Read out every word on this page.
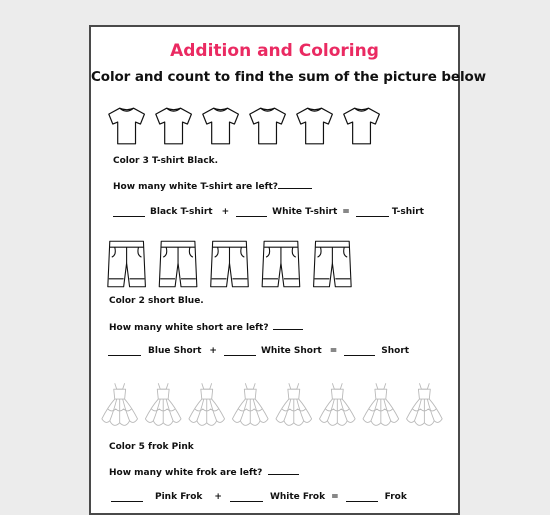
Addition and Coloring
Color and count to find the sum of the picture below
Color 3 T-shirt Black.
How many white T-shirt are left?
Black T-shirt +	White T-shirt =	T-shirt
Color 2 short Blue.
How many white short are left?
Blue Short +	White Short =	Short
Color 5 frok Pink
How many white frok are left?
Pink Frok +	White Frok =	Frok
